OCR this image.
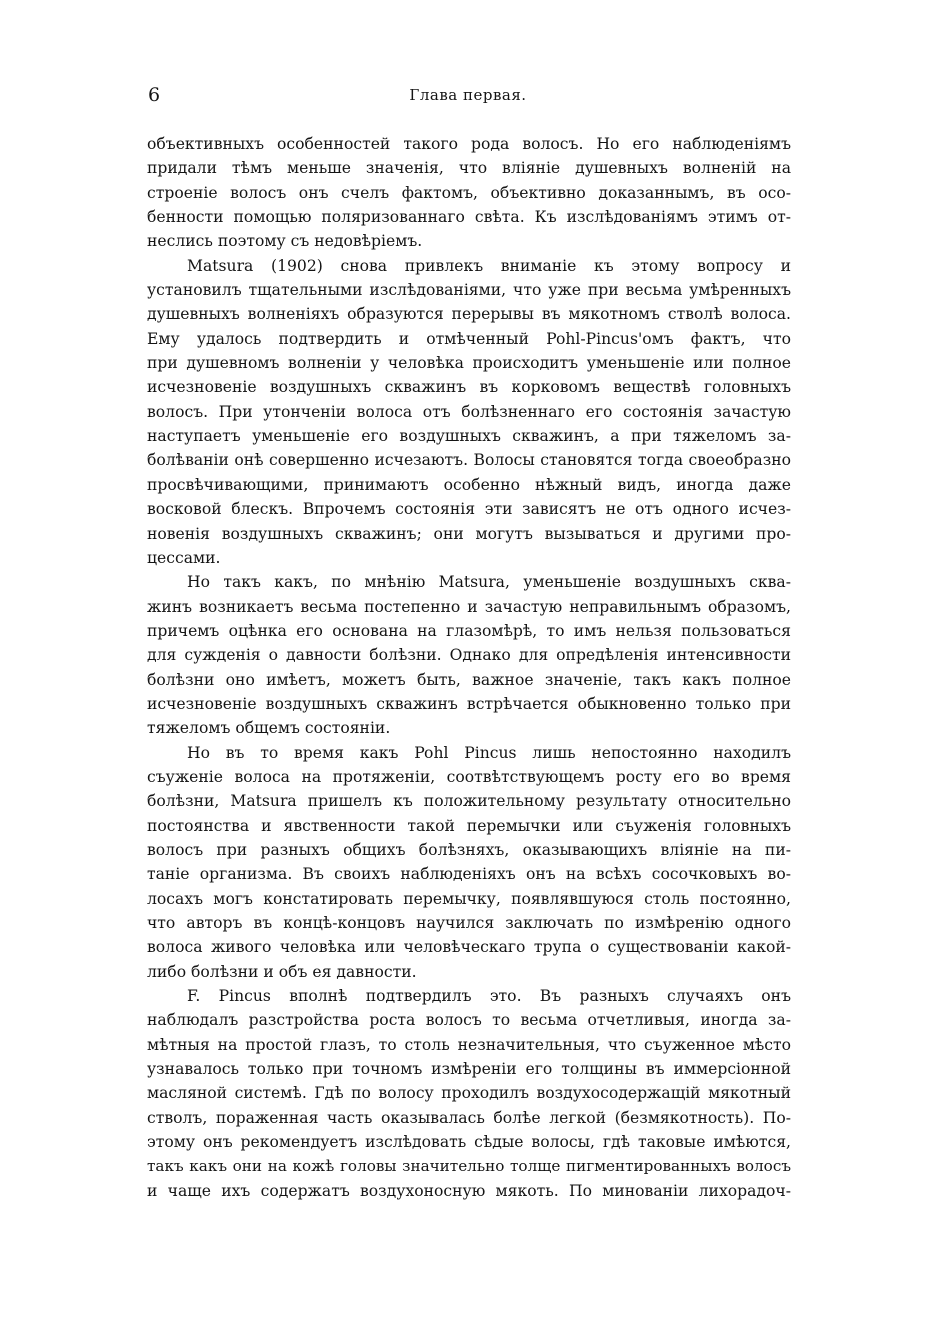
6	Глава первая.
объективныхъ особенностей такого рода волосъ. Но его наблюденіямъ
придали тѣмъ меньше значенія, что вліяніе душевныхъ волненій на
строеніе волосъ онъ счелъ фактомъ, объективно доказаннымъ, въ осо-
бенности помощью поляризованнаго свѣта. Къ изслѣдованіямъ этимъ от-
неслись поэтому съ недовѣріемъ.
Matsura (1902) снова привлекъ вниманіе къ этому вопросу и
установилъ тщательными изслѣдованіями, что уже при весьма умѣренныхъ
душевныхъ волненіяхъ образуются перерывы въ мякотномъ стволѣ волоса.
Ему удалось подтвердить и отмѣченный Pohl-Pincus'омъ фактъ, что
при душевномъ волненіи у человѣка происходитъ уменьшеніе или полное
исчезновеніе воздушныхъ скважинъ въ корковомъ веществѣ головныхъ
волосъ. При утонченіи волоса отъ болѣзненнаго его состоянія зачастую
наступаетъ уменьшеніе его воздушныхъ скважинъ, а при тяжеломъ за-
болѣваніи онѣ совершенно исчезаютъ. Волосы становятся тогда своеобразно
просвѣчивающими, принимаютъ особенно нѣжный видъ, иногда даже
восковой блескъ. Впрочемъ состоянія эти зависятъ не отъ одного исчез-
новенія воздушныхъ скважинъ; они могутъ вызываться и другими про-
цессами.
Но такъ какъ, по мнѣнію Matsura, уменьшеніе воздушныхъ сква-
жинъ возникаетъ весьма постепенно и зачастую неправильнымъ образомъ,
причемъ оцѣнка его основана на глазомѣрѣ, то имъ нельзя пользоваться
для сужденія о давности болѣзни. Однако для опредѣленія интенсивности
болѣзни оно имѣетъ, можетъ быть, важное значеніе, такъ какъ полное
исчезновеніе воздушныхъ скважинъ встрѣчается обыкновенно только при
тяжеломъ общемъ состояніи.
Но въ то время какъ Pohl Pincus лишь непостоянно находилъ
съуженіе волоса на протяженіи, соотвѣтствующемъ росту его во время
болѣзни, Matsura пришелъ къ положительному результату относительно
постоянства и явственности такой перемычки или съуженія головныхъ
волосъ при разныхъ общихъ болѣзняхъ, оказывающихъ вліяніе на пи-
таніе организма. Въ своихъ наблюденіяхъ онъ на всѣхъ сосочковыхъ во-
лосахъ могъ констатировать перемычку, появлявшуюся столь постоянно,
что авторъ въ концѣ-концовъ научился заключать по измѣренію одного
волоса живого человѣка или человѣческаго трупа о существованіи какой-
либо болѣзни и объ ея давности.
F. Pincus вполнѣ подтвердилъ это. Въ разныхъ случаяхъ онъ
наблюдалъ разстройства роста волосъ то весьма отчетливыя, иногда за-
мѣтныя на простой глазъ, то столь незначительныя, что съуженное мѣсто
узнавалось только при точномъ измѣреніи его толщины въ иммерсіонной
масляной системѣ. Гдѣ по волосу проходилъ воздухосодержащій мякотный
стволъ, пораженная часть оказывалась болѣе легкой (безмякотность). По-
этому онъ рекомендуетъ изслѣдовать сѣдые волосы, гдѣ таковые имѣются,
такъ какъ они на кожѣ головы значительно толще пигментированныхъ волосъ
и чаще ихъ содержатъ воздухоносную мякоть. По минованіи лихорадоч-
